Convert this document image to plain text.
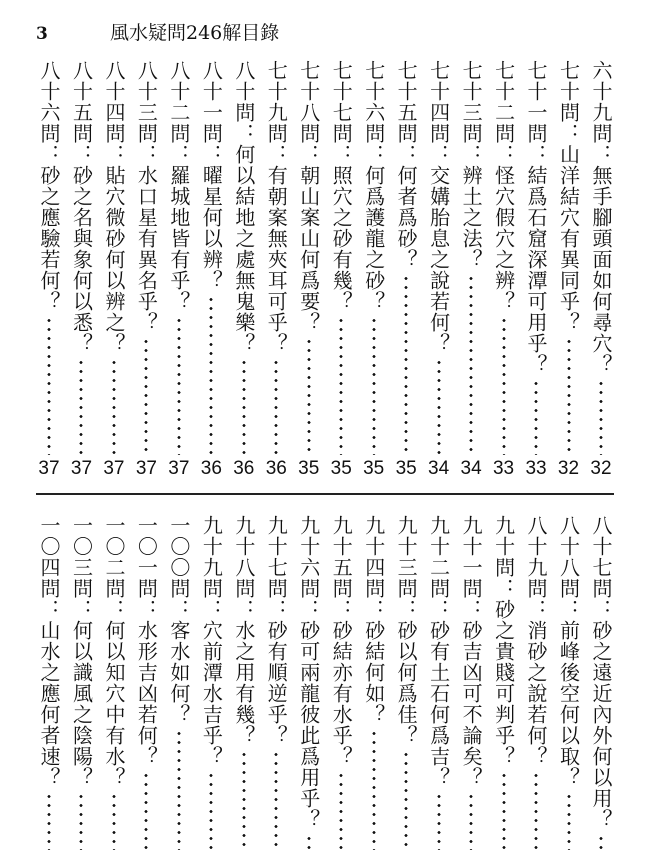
3	風水疑問246解目錄
六十九問：無手腳頭面如何尋穴？
32
七十問：山洋結穴有異同乎？
32
七十一問：結爲石窟深潭可用乎？
33
七十二問：怪穴假穴之辨？
33
七十三問：辨土之法？
34
七十四問：交媾胎息之說若何？
34
七十五問：何者爲砂？
35
七十六問：何爲護龍之砂？
35
七十七問：照穴之砂有幾？
35
七十八問：朝山案山何爲要？
35
七十九問：有朝案無夾耳可乎？
36
八十問：何以結地之處無鬼樂？
36
八十一問：曜星何以辨？
36
八十二問：羅城地皆有乎？
37
八十三問：水口星有異名乎？
37
八十四問：貼穴微砂何以辨之？
37
八十五問：砂之名與象何以悉？
37
八十六問：砂之應驗若何？
37
八十七問：砂之遠近內外何以用？
八十八問：前峰後空何以取？
八十九問：消砂之說若何？
九十問：砂之貴賤可判乎？
九十一問：砂吉凶可不論矣？
九十二問：砂有土石何爲吉？
九十三問：砂以何爲佳？
九十四問：砂結何如？
九十五問：砂結亦有水乎？
九十六問：砂可兩龍彼此爲用乎？
九十七問：砂有順逆乎？
九十八問：水之用有幾？
九十九問：穴前潭水吉乎？
一〇〇問：客水如何？
一〇一問：水形吉凶若何？
一〇二問：何以知穴中有水？
一〇三問：何以識風之陰陽？
一〇四問：山水之應何者速？
